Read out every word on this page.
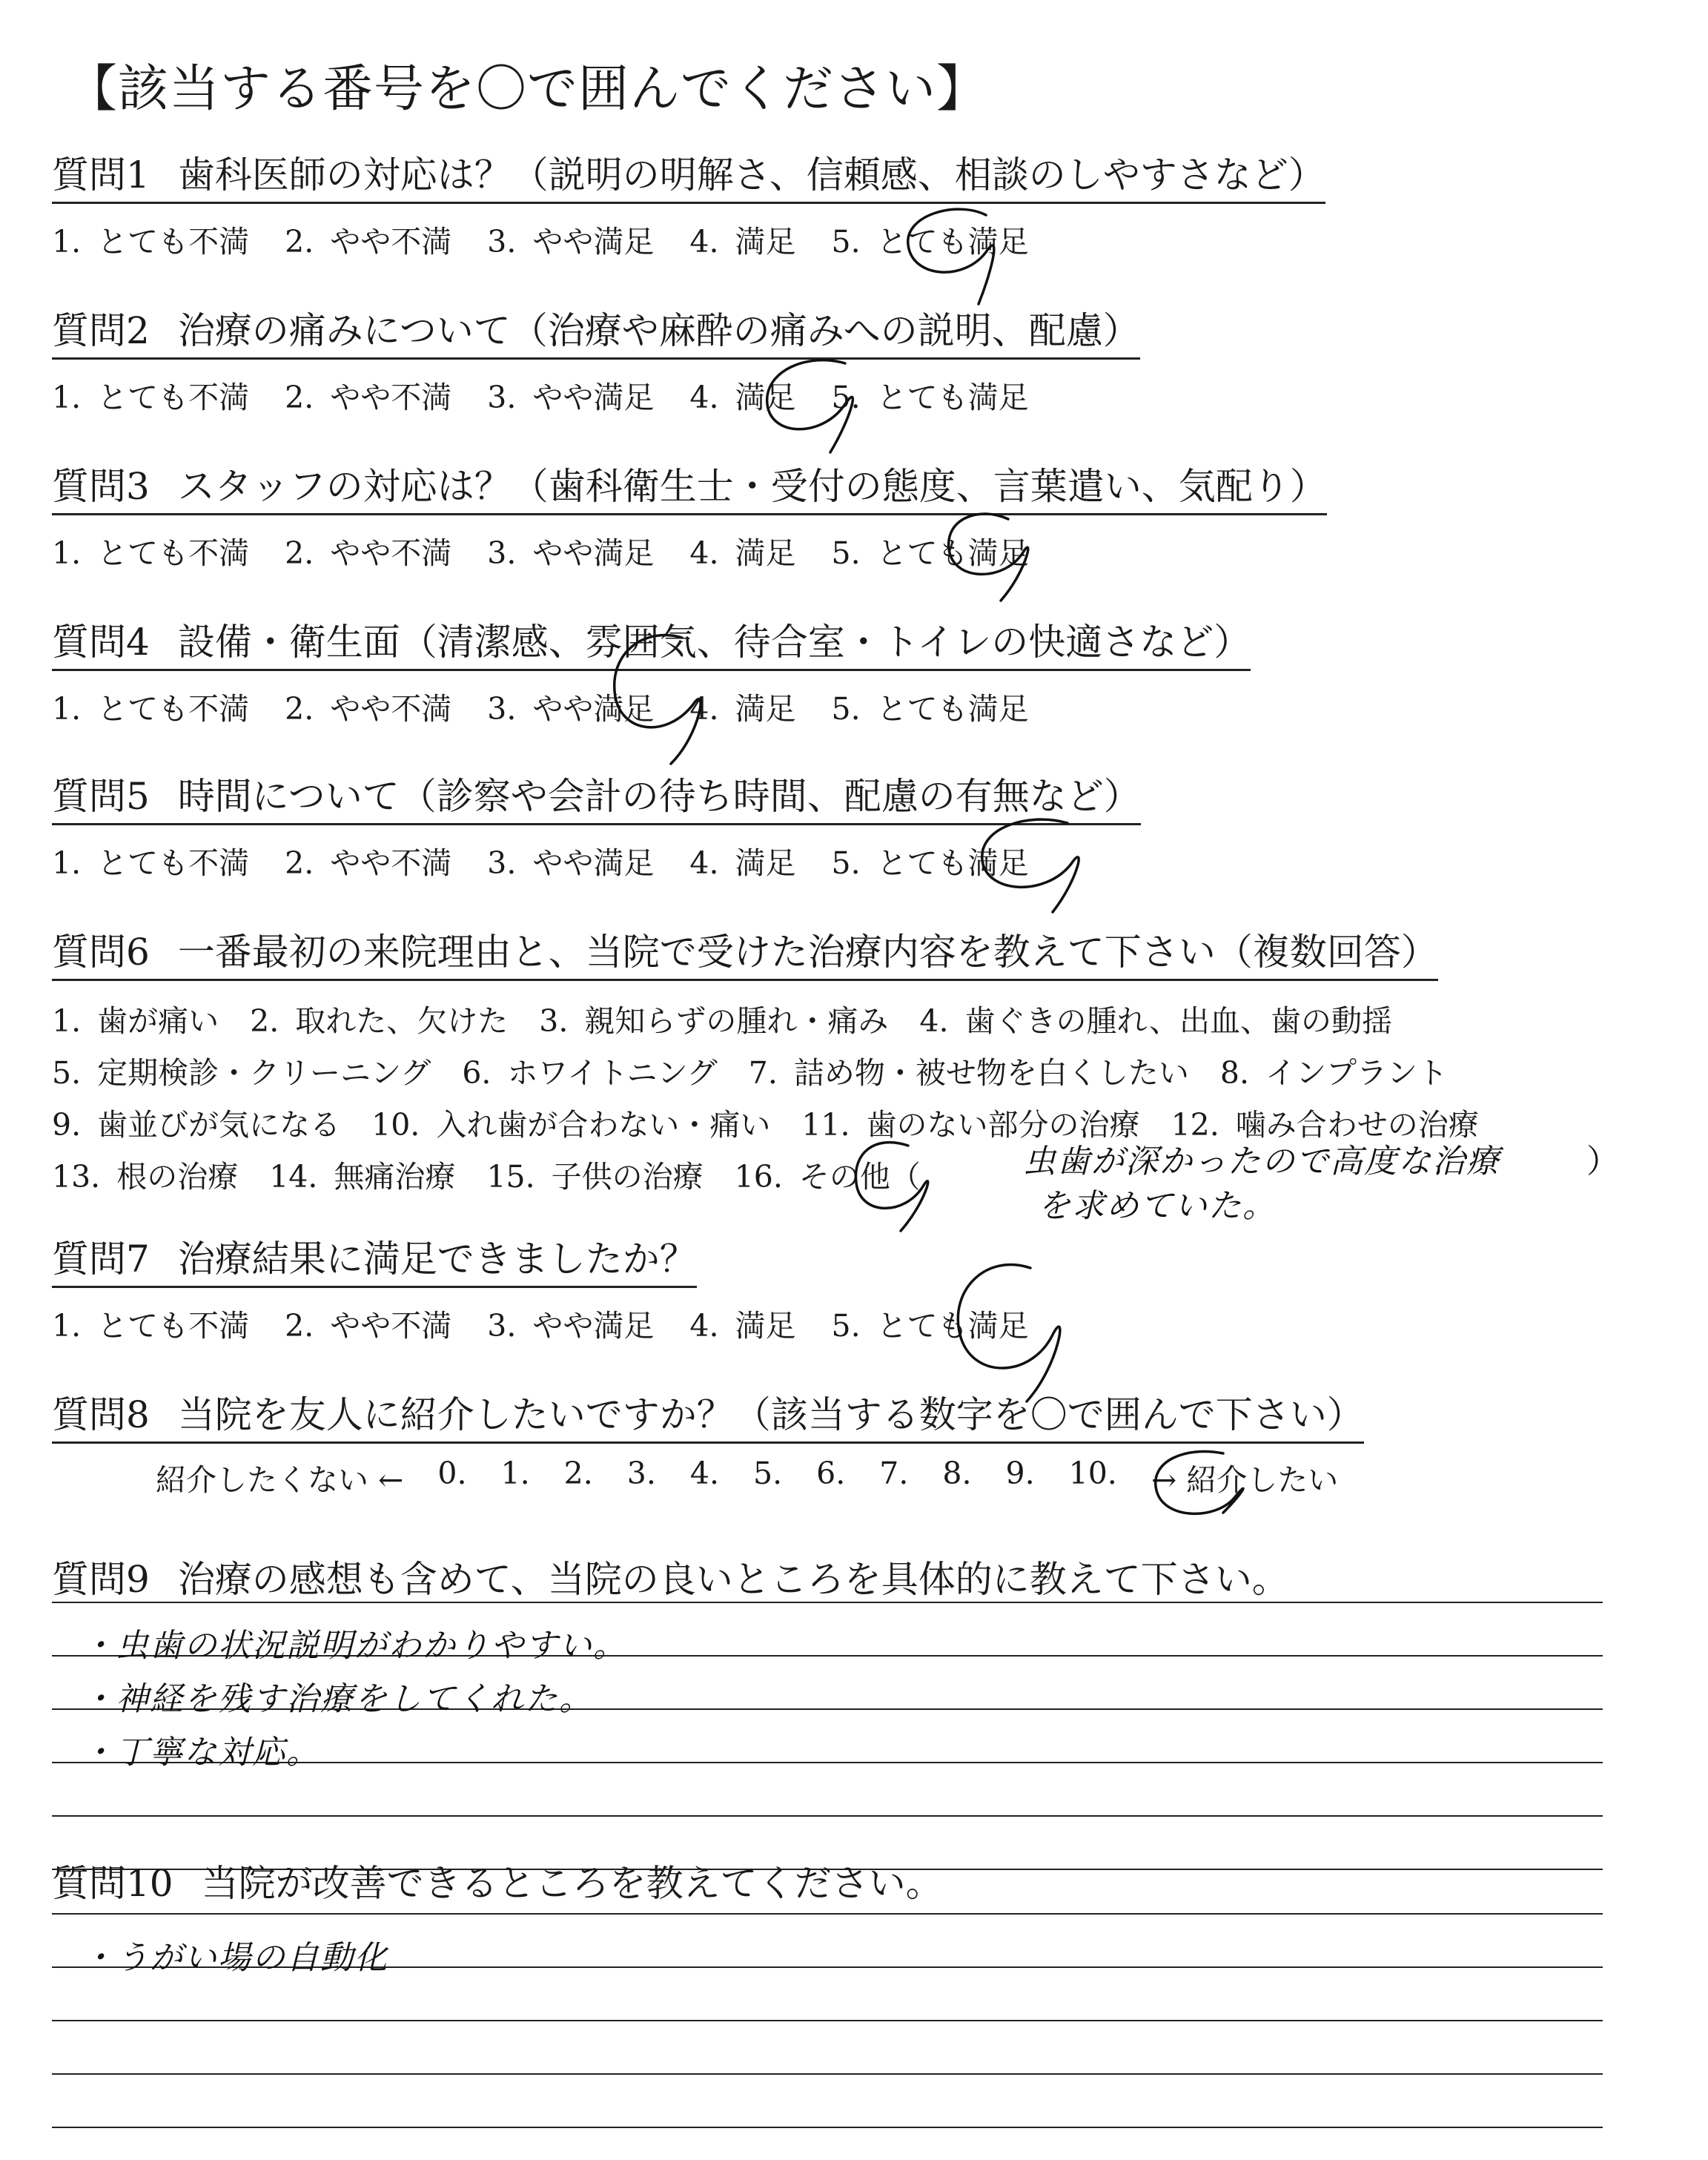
【該当する番号を〇で囲んでください】
質問1 歯科医師の対応は？（説明の明解さ、信頼感、相談のしやすさなど）
1. とても不満 2. やや不満 3. やや満足 4. 満足 5. とても満足
質問2 治療の痛みについて（治療や麻酔の痛みへの説明、配慮）
1. とても不満 2. やや不満 3. やや満足 4. 満足 5. とても満足
質問3 スタッフの対応は？（歯科衛生士・受付の態度、言葉遣い、気配り）
1. とても不満 2. やや不満 3. やや満足 4. 満足 5. とても満足
質問4 設備・衛生面（清潔感、雰囲気、待合室・トイレの快適さなど）
1. とても不満 2. やや不満 3. やや満足 4. 満足 5. とても満足
質問5 時間について（診察や会計の待ち時間、配慮の有無など）
1. とても不満 2. やや不満 3. やや満足 4. 満足 5. とても満足
質問6 一番最初の来院理由と、当院で受けた治療内容を教えて下さい（複数回答）
1. 歯が痛い 2. 取れた、欠けた 3. 親知らずの腫れ・痛み 4. 歯ぐきの腫れ、出血、歯の動揺
5. 定期検診・クリーニング 6. ホワイトニング 7. 詰め物・被せ物を白くしたい 8. インプラント
9. 歯並びが気になる 10. 入れ歯が合わない・痛い 11. 歯のない部分の治療 12. 噛み合わせの治療
13. 根の治療 14. 無痛治療 15. 子供の治療 16. その他（	虫歯が深かったので高度な治療	）
を求めていた。
質問7 治療結果に満足できましたか？
1. とても不満 2. やや不満 3. やや満足 4. 満足 5. とても満足
質問8 当院を友人に紹介したいですか？（該当する数字を〇で囲んで下さい）
紹介したくない ← 0. 1. 2. 3. 4. 5. 6. 7. 8. 9. 10. → 紹介したい
質問9 治療の感想も含めて、当院の良いところを具体的に教えて下さい。
・虫歯の状況説明がわかりやすい。
・神経を残す治療をしてくれた。
・丁寧な対応。
質問10 当院が改善できるところを教えてください。
・うがい場の自動化
